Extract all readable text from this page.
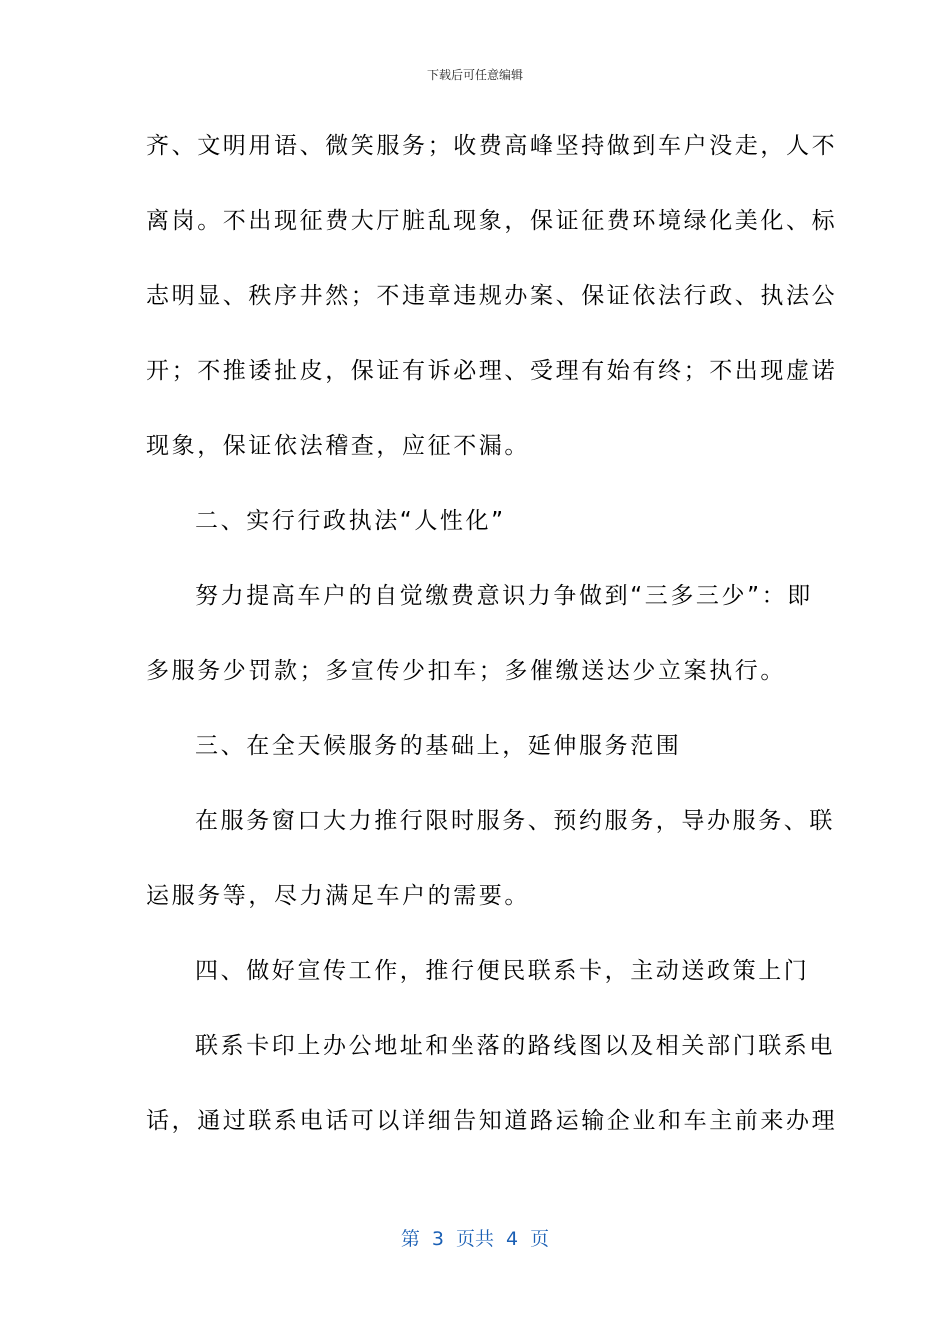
下载后可任意编辑
齐、文明用语、微笑服务；收费高峰坚持做到车户没走，人不
离岗。不出现征费大厅脏乱现象，保证征费环境绿化美化、标
志明显、秩序井然；不违章违规办案、保证依法行政、执法公
开；不推诿扯皮，保证有诉必理、受理有始有终；不出现虚诺
现象，保证依法稽查，应征不漏。
二、实行行政执法“人性化”
努力提高车户的自觉缴费意识力争做到“三多三少”：即
多服务少罚款；多宣传少扣车；多催缴送达少立案执行。
三、在全天候服务的基础上，延伸服务范围
在服务窗口大力推行限时服务、预约服务，导办服务、联
运服务等，尽力满足车户的需要。
四、做好宣传工作，推行便民联系卡，主动送政策上门
联系卡印上办公地址和坐落的路线图以及相关部门联系电
话，通过联系电话可以详细告知道路运输企业和车主前来办理
第 3 页共 4 页
